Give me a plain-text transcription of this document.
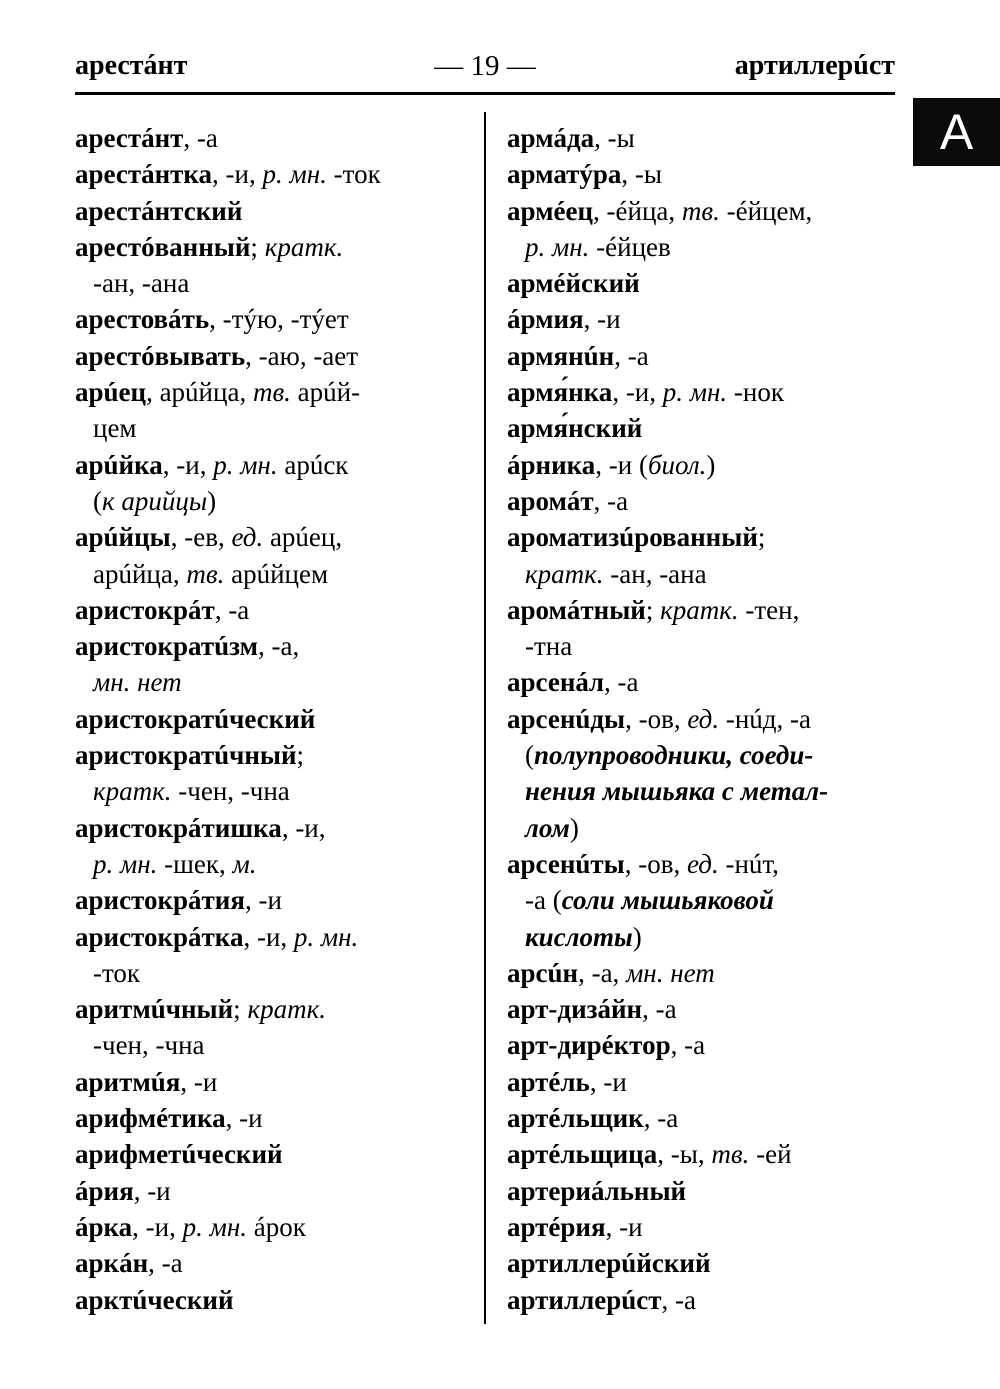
арестáнт	— 19 —	артиллерúст
А
арестáнт, -а
арестáнтка, -и, р. мн. -ток
арестáнтский
арестóванный; кратк.
-ан, -ана
арестовáть, -тýю, -тýет
арестóвывать, -аю, -ает
арúец, арúйца, тв. арúй-
цем
арúйка, -и, р. мн. арúск
(к арийцы)
арúйцы, -ев, ед. арúец,
арúйца, тв. арúйцем
аристокрáт, -а
аристократúзм, -а,
мн. нет
аристократúческий
аристократúчный;
кратк. -чен, -чна
аристокрáтишка, -и,
р. мн. -шек, м.
аристокрáтия, -и
аристокрáтка, -и, р. мн.
-ток
аритмúчный; кратк.
-чен, -чна
аритмúя, -и
арифмéтика, -и
арифметúческий
áрия, -и
áрка, -и, р. мн. áрок
аркáн, -а
арктúческий
армáда, -ы
арматýра, -ы
армéец, -éйца, тв. -éйцем,
р. мн. -éйцев
армéйский
áрмия, -и
армянúн, -а
армя́нка, -и, р. мн. -нок
армя́нский
áрника, -и (биол.)
аромáт, -а
ароматизúрованный;
кратк. -ан, -ана
аромáтный; кратк. -тен,
-тна
арсенáл, -а
арсенúды, -ов, ед. -нúд, -а
(полупроводники, соеди-
нения мышьяка с метал-
лом)
арсенúты, -ов, ед. -нúт,
-а (соли мышьяковой
кислоты)
арсúн, -а, мн. нет
арт-дизáйн, -а
арт-дирéктор, -а
артéль, -и
артéльщик, -а
артéльщица, -ы, тв. -ей
артериáльный
артéрия, -и
артиллерúйский
артиллерúст, -а
